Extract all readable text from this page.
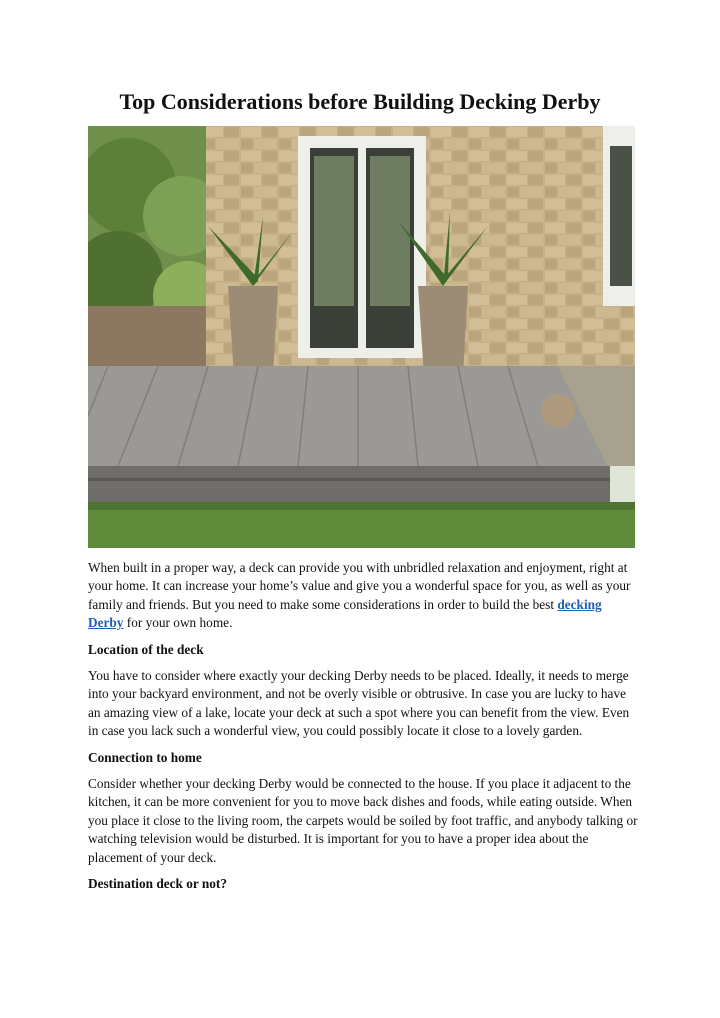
Top Considerations before Building Decking Derby

When built in a proper way, a deck can provide you with unbridled relaxation and enjoyment, right at your home. It can increase your home’s value and give you a wonderful space for you, as well as your family and friends. But you need to make some considerations in order to build the best decking Derby for your own home.

Location of the deck

You have to consider where exactly your decking Derby needs to be placed. Ideally, it needs to merge into your backyard environment, and not be overly visible or obtrusive. In case you are lucky to have an amazing view of a lake, locate your deck at such a spot where you can benefit from the view. Even in case you lack such a wonderful view, you could possibly locate it close to a lovely garden.

Connection to home

Consider whether your decking Derby would be connected to the house. If you place it adjacent to the kitchen, it can be more convenient for you to move back dishes and foods, while eating outside. When you place it close to the living room, the carpets would be soiled by foot traffic, and anybody talking or watching television would be disturbed. It is important for you to have a proper idea about the placement of your deck.

Destination deck or not?
